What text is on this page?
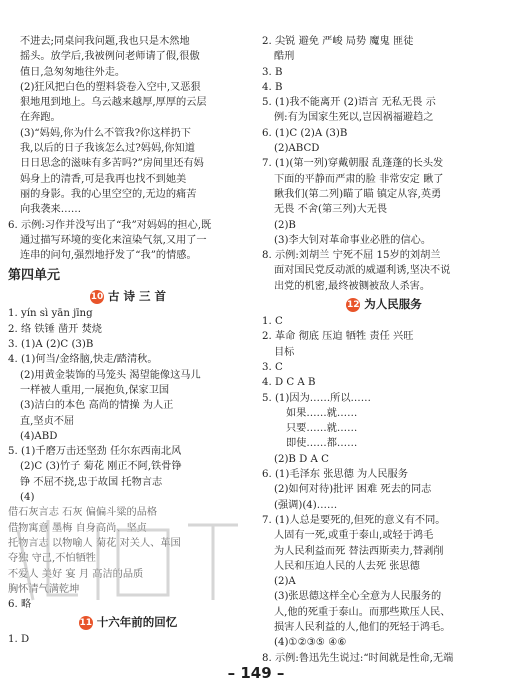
不进去;同桌问我问题,我也只是木然地
摇头。放学后,我被例问老师请了假,很傲
值日,急匆匆地往外走。
(2)狂风把白色的塑料袋卷入空中,又恶狠
狠地甩到地上。乌云越来越厚,厚厚的云层
在奔跑。
(3)“妈妈,你为什么不管我?你这样扔下
我,以后的日子我该怎么过?妈妈,你知道
日日思念的滋味有多苦吗?”房间里还有妈
妈身上的清香,可是我再也找不到她美
丽的身影。我的心里空空的,无边的痛苦
向我袭来……
6. 示例:习作并没写出了“我”对妈妈的担心,既
通过描写环境的变化来渲染气氛,又用了一
连串的问句,强烈地抒发了“我”的情感。
第四单元
10 古 诗 三 首
1. yín sì yān jīng
2. 络 铁锤 凿开 焚烧
3. (1)A (2)C (3)B
4. (1)何当/金络脑,快走/踏清秋。
(2)用黄金装饰的马笼头 渴望能像这马儿
一样被人重用,一展抱负,保家卫国
(3)洁白的本色 高尚的情操 为人正
直,坚贞不屈
(4)ABD
5. (1)千磨万击还坚劲 任尔东西南北风
(2)C (3)竹子 菊花 刚正不阿,铁骨铮
铮 不屈不挠,忠于故国 托物言志
(4)
借石灰言志 石灰 偏偏斗粱的品格
借物寓意 墨梅 自身高尚、坚贞
托物言志 以物喻人 菊花 对关人、革国
夺独 守己,不怕牺牲
不爱人 美好 宴 月 高洁的品质
胸怀清气满乾坤
6. 略
11 十六年前的回忆
1. D
2. 尖锐 避免 严峻 局势 魔鬼 匪徒
酷刑
3. B
4. B
5. (1)我不能离开 (2)语言 无私无畏 示
例:有为国家生死以,岂因祸福避趋之
6. (1)C (2)A (3)B
(2)ABCD
7. (1)(第一列)穿戴朝服 乱蓬蓬的长头发
下面的平静而严肃的脸 非常安定 瞅了
瞅我们(第二列)瞄了瞄 镇定从容,英勇
无畏 不舍(第三列)大无畏
(2)B
(3)李大钊对革命事业必胜的信心。
8. 示例:刘胡兰 宁死不屈 15岁的刘胡兰
面对国民党反动派的威逼利诱,坚决不说
出党的机密,最终被铡被敌人杀害。
12 为人民服务
1. C
2. 革命 彻底 压迫 牺牲 责任 兴旺
目标
3. C
4. D C A B
5. (1)因为……所以……
如果……就……
只要……就……
即使……都……
(2)B D A C
6. (1)毛泽东 张思德 为人民服务
(2)如何对待)批评 困难 死去的同志
(强调)(4)……
7. (1)人总是要死的,但死的意义有不同。
人固有一死,或重于泰山,或轻于鸿毛
为人民利益而死 替法西斯卖力,替剥削
人民和压迫人民的人去死 张思德
(2)A
(3)张思德这样全心全意为人民服务的
人,他的死重于泰山。而那些欺压人民、
损害人民利益的人,他们的死轻于鸿毛。
(4)①②③⑤ ④⑥
8. 示例:鲁迅先生说过:“时间就是性命,无端
– 149 –
